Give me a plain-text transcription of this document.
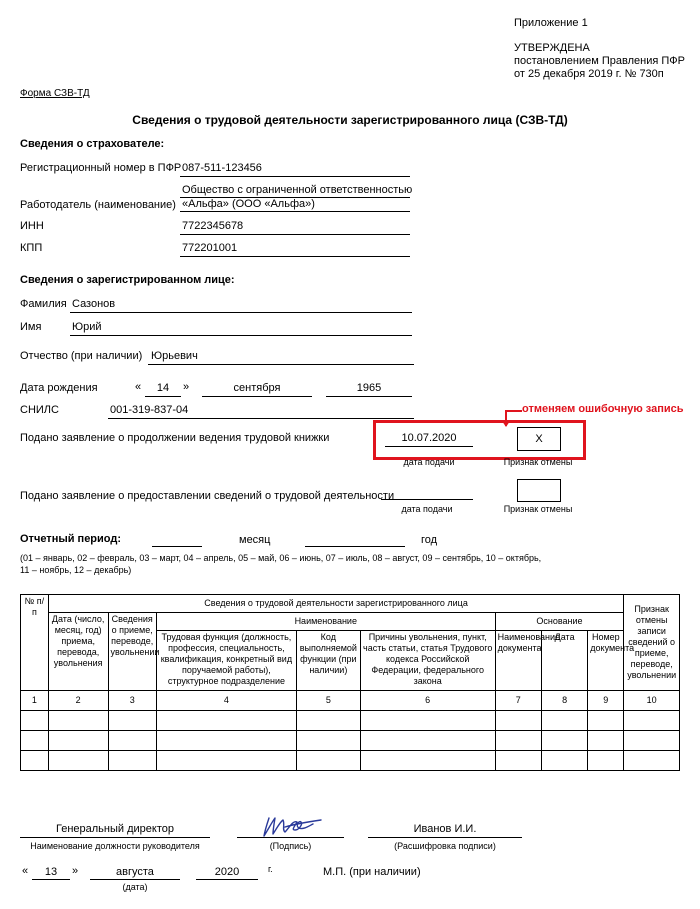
Приложение 1
УТВЕРЖДЕНА
постановлением Правления ПФР
от 25 декабря 2019 г. № 730п
Форма СЗВ-ТД
Сведения о трудовой деятельности зарегистрированного лица (СЗВ-ТД)
Сведения о страхователе:
Регистрационный номер в ПФР 087-511-123456
Работодатель (наименование)
Общество с ограниченной ответственностью
«Альфа» (ООО «Альфа»)
ИНН	7722345678
КПП	772201001
Сведения о зарегистрированном лице:
Фамилия Сазонов
Имя	Юрий
Отчество (при наличии) Юрьевич
Дата рождения	«	14	»	сентября	1965
СНИЛС	001-319-837-04	отменяем ошибочную запись
Подано заявление о продолжении ведения трудовой книжки	10.07.2020	X
дата подачи	Признак отмены
Подано заявление о предоставлении сведений о трудовой деятельности
дата подачи	Признак отмены
Отчетный период:	месяц	год
(01 – январь, 02 – февраль, 03 – март, 04 – апрель, 05 – май, 06 – июнь, 07 – июль, 08 – август, 09 – сентябрь, 10 – октябрь,
11 – ноябрь, 12 – декабрь)
№ п/п	Сведения о трудовой деятельности зарегистрированного лица								Признак отмены записи сведений о приеме, переводе, увольнении
	Дата (число, месяц, год) приема, перевода, увольнения	Сведения о приеме, переводе, увольнении	Наименование			Основание			
			Трудовая функция (должность, профессия, специальность, квалификация, конкретный вид поручаемой работы), структурное подразделение	Код выполняемой функции (при наличии)	Причины увольнения, пункт, часть статьи, статья Трудового кодекса Российской Федерации, федерального закона	Наименование документа	Дата	Номер документа	
1	2	3	4	5	6	7	8	9	10

Генеральный директор
Наименование должности руководителя	(Подпись)
Иванов И.И.
(Расшифровка подписи)
«	13	»	августа
(дата)
2020	г.	М.П. (при наличии)
